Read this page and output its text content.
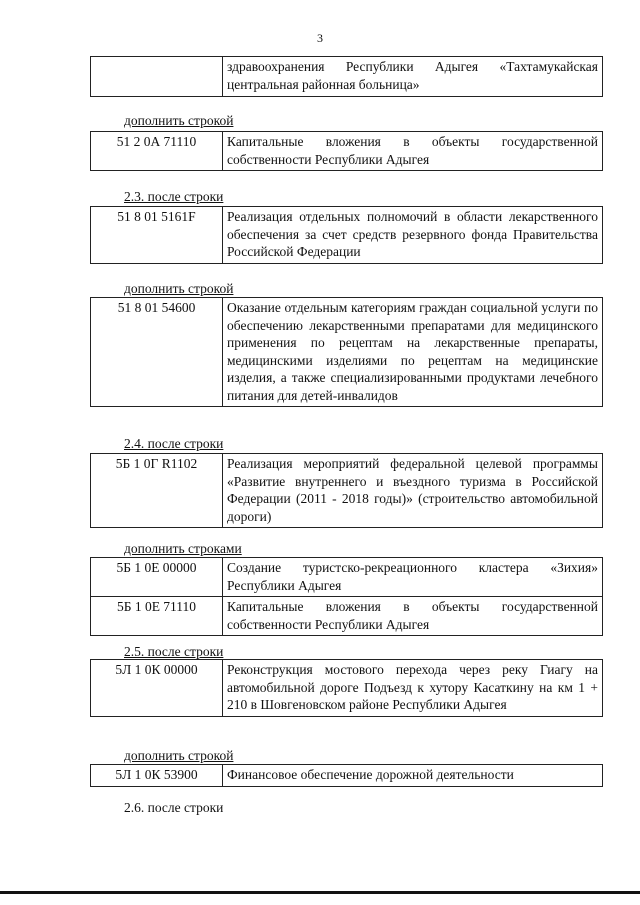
3
	здравоохранения Республики Адыгея «Тахтамукайская центральная районная больница»
дополнить строкой
51 2 0А 71110	Капитальные вложения в объекты государственной собственности Республики Адыгея
2.3. после строки
51 8 01 5161F	Реализация отдельных полномочий в области лекарственного обеспечения за счет средств резервного фонда Правительства Российской Федерации
дополнить строкой
51 8 01 54600	Оказание отдельным категориям граждан социальной услуги по обеспечению лекарственными препаратами для медицинского применения по рецептам на лекарственные препараты, медицинскими изделиями по рецептам на медицинские изделия, а также специализированными продуктами лечебного питания для детей-инвалидов
2.4. после строки
5Б 1 0Г R1102	Реализация мероприятий федеральной целевой программы «Развитие внутреннего и въездного туризма в Российской Федерации (2011 - 2018 годы)» (строительство автомобильной дороги)
дополнить строками
5Б 1 0Е 00000	Создание туристско-рекреационного кластера «Зихия» Республики Адыгея
5Б 1 0Е 71110	Капитальные вложения в объекты государственной собственности Республики Адыгея
2.5. после строки
5Л 1 0К 00000	Реконструкция мостового перехода через реку Гиагу на автомобильной дороге Подъезд к хутору Касаткину на км 1 + 210 в Шовгеновском районе Республики Адыгея
дополнить строкой
5Л 1 0К 53900	Финансовое обеспечение дорожной деятельности
2.6. после строки
